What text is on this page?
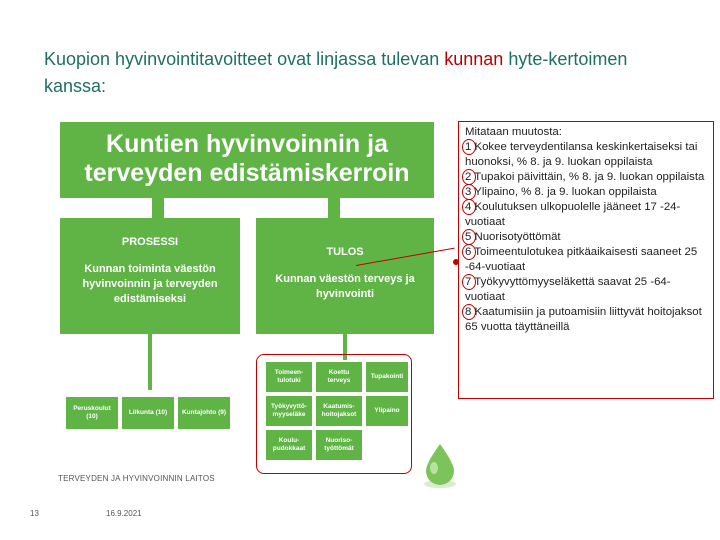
Kuopion hyvinvointitavoitteet ovat linjassa tulevan kunnan hyte-kertoimen kanssa:
Kuntien hyvinvoinnin ja terveyden edistämiskerroin
PROSESSI
Kunnan toiminta väestön hyvinvoinnin ja terveyden edistämiseksi
TULOS
Kunnan väestön terveys ja hyvinvointi
Peruskoulut (10)
Liikunta (10)	Kuntajohto (9)
Toimeen-tulotuki
Koettu terveys
Tupakointi
Työkyvyttö-myyseläke
Kaatumis-hoitojaksot
Ylipaino
Koulu-pudokkaat
Nuoriso-työttömät
TERVEYDEN JA HYVINVOINNIN LAITOS
Mitataan muutosta:
1 Kokee terveydentilansa keskinkertaiseksi tai huonoksi, % 8. ja 9. luokan oppilaista
2 Tupakoi päivittäin, % 8. ja 9. luokan oppilaista
3 Ylipaino, % 8. ja 9. luokan oppilaista
4 Koulutuksen ulkopuolelle jääneet 17 -24-vuotiaat
5 Nuorisotyöttömät
6 Toimeentulotukea pitkäaikaisesti saaneet 25 -64-vuotiaat
7 Työkyvyttömyyseläkettä saavat 25 -64-vuotiaat
8 Kaatumisiin ja putoamisiin liittyvät hoitojaksot 65 vuotta täyttäneillä
13	16.9.2021
